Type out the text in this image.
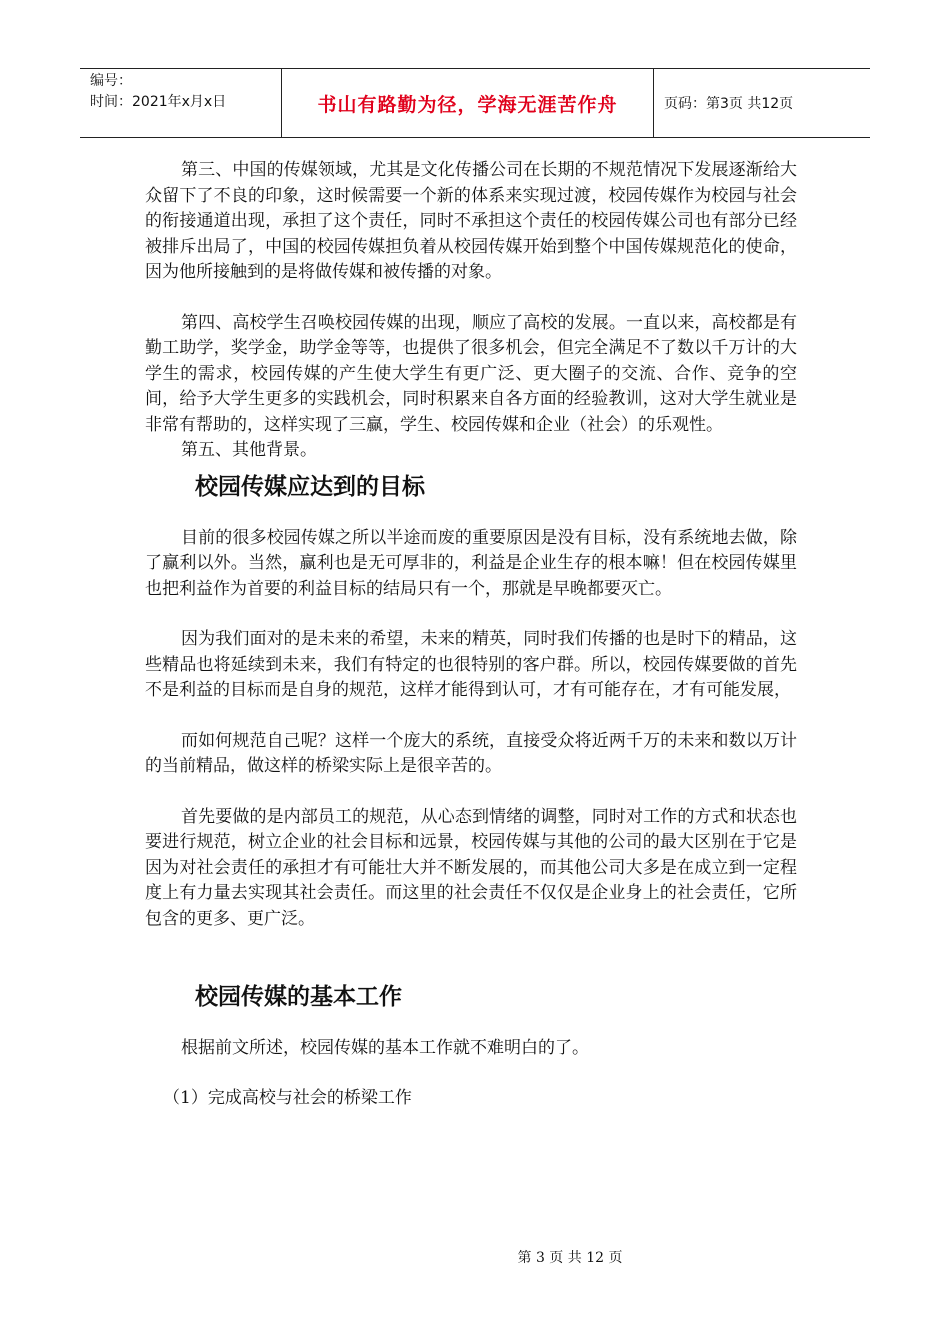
编号：
时间：2021年x月x日	书山有路勤为径，学海无涯苦作舟	页码：第3页 共12页

第三、中国的传媒领域，尤其是文化传播公司在长期的不规范情况下发展逐渐给大众留下了不良的印象，这时候需要一个新的体系来实现过渡，校园传媒作为校园与社会的衔接通道出现，承担了这个责任，同时不承担这个责任的校园传媒公司也有部分已经被排斥出局了，中国的校园传媒担负着从校园传媒开始到整个中国传媒规范化的使命，因为他所接触到的是将做传媒和被传播的对象。

第四、高校学生召唤校园传媒的出现，顺应了高校的发展。一直以来，高校都是有勤工助学，奖学金，助学金等等，也提供了很多机会，但完全满足不了数以千万计的大学生的需求，校园传媒的产生使大学生有更广泛、更大圈子的交流、合作、竞争的空间，给予大学生更多的实践机会，同时积累来自各方面的经验教训，这对大学生就业是非常有帮助的，这样实现了三赢，学生、校园传媒和企业（社会）的乐观性。

第五、其他背景。

校园传媒应达到的目标

目前的很多校园传媒之所以半途而废的重要原因是没有目标，没有系统地去做，除了赢利以外。当然，赢利也是无可厚非的，利益是企业生存的根本嘛！但在校园传媒里也把利益作为首要的利益目标的结局只有一个，那就是早晚都要灭亡。

因为我们面对的是未来的希望，未来的精英，同时我们传播的也是时下的精品，这些精品也将延续到未来，我们有特定的也很特别的客户群。所以，校园传媒要做的首先不是利益的目标而是自身的规范，这样才能得到认可，才有可能存在，才有可能发展，

而如何规范自己呢？这样一个庞大的系统，直接受众将近两千万的未来和数以万计的当前精品，做这样的桥梁实际上是很辛苦的。

首先要做的是内部员工的规范，从心态到情绪的调整，同时对工作的方式和状态也要进行规范，树立企业的社会目标和远景，校园传媒与其他的公司的最大区别在于它是因为对社会责任的承担才有可能壮大并不断发展的，而其他公司大多是在成立到一定程度上有力量去实现其社会责任。而这里的社会责任不仅仅是企业身上的社会责任，它所包含的更多、更广泛。

校园传媒的基本工作

根据前文所述，校园传媒的基本工作就不难明白的了。

（1）完成高校与社会的桥梁工作

第 3 页 共 12 页
